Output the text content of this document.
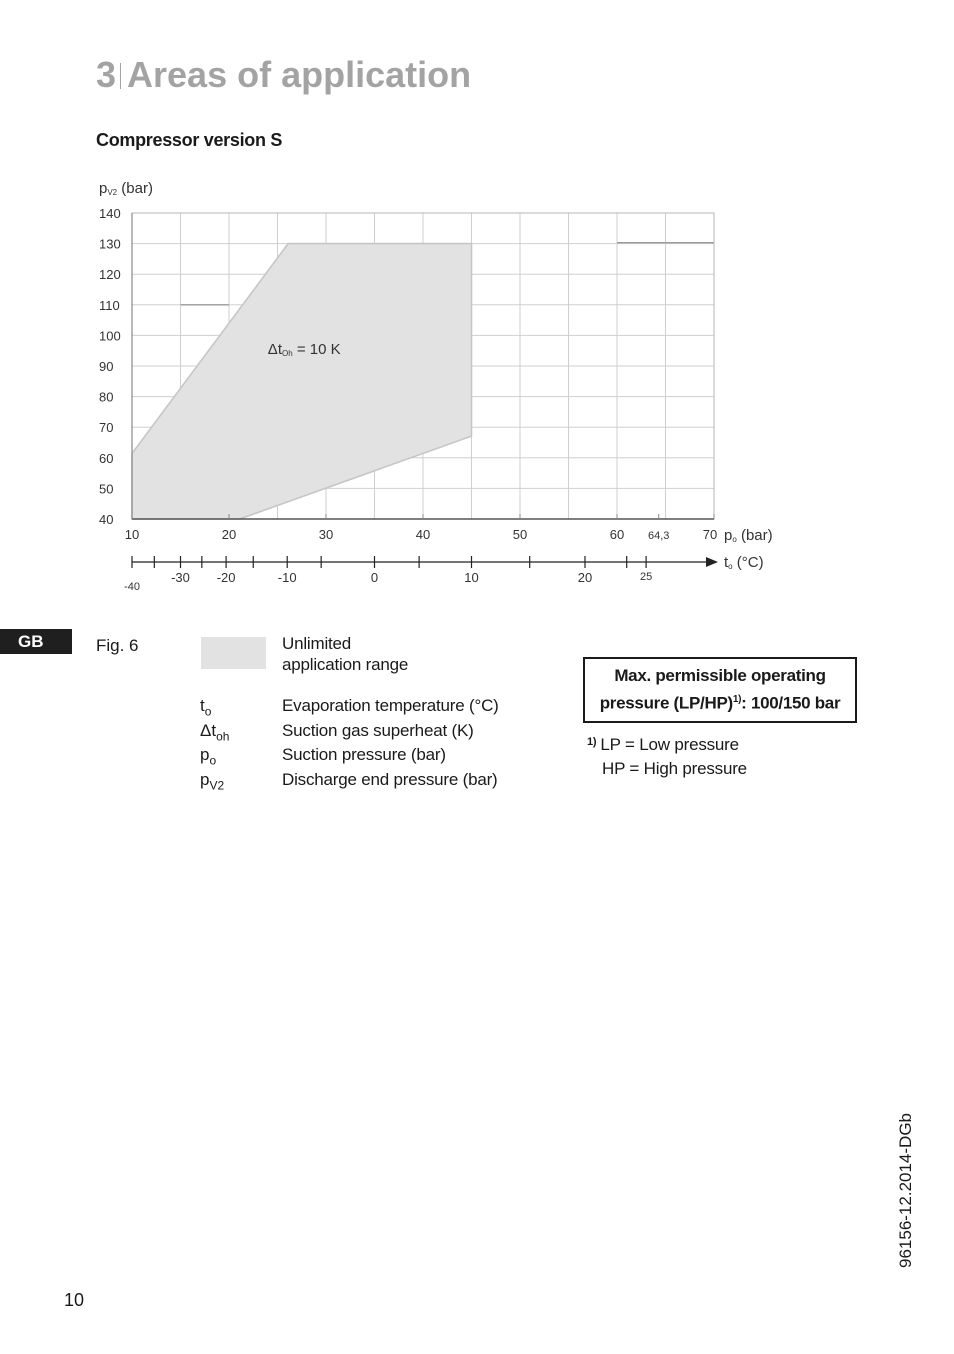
3 Areas of application
Compressor version S
140
130
120
110
100
90
80
70
60
50
40
10	20	30	40	50	60 64,3	70
pV2 (bar)
po (bar)
-40
-30 -20	-10	0	10	20	25
to (°C)
ΔtOh = 10 K
GB	Fig. 6	Unlimited
application range
$t_o$	Evaporation temperature (°C)
$\Delta t_{oh}$	Suction gas superheat (K)
$p_o$	Suction pressure (bar)
$p_{V2}$	Discharge end pressure (bar)
Max. permissible operating
pressure $(LP/HP)^{1)}$: 100/150 bar
$^{1)}$ LP = Low pressure
HP = High pressure
96156-12.2014-DGb
10
